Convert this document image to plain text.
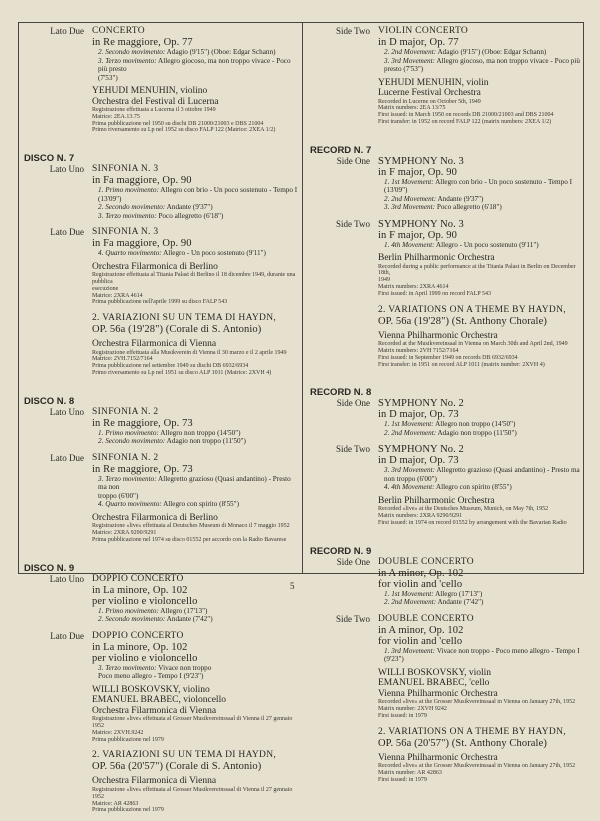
Lato Due CONCERTO
in Re maggiore, Op. 77
2. Secondo movimento: Adagio (9'15") (Oboe: Edgar Schann)
3. Terzo movimento: Allegro giocoso, ma non troppo vivace - Poco più presto
(7'53")
YEHUDI MENUHIN, violino
Orchestra del Festival di Lucerna
Registrazione effettuata a Lucerna il 3 ottobre 1949
Matrice: 2EA.13.75
Prima pubblicazione nel 1950 su dischi DB 21000/21003 e DBS 21004
Primo riversamento su Lp nel 1952 su disco FALP 122 (Matrice: 2XEA 1/2)
DISCO N. 7
Lato Uno SINFONIA N. 3
in Fa maggiore, Op. 90
1. Primo movimento: Allegro con brio - Un poco sostenuto - Tempo I (13'09")
2. Secondo movimento: Andante (9'37")
3. Terzo movimento: Poco allegretto (6'18")
Lato Due SINFONIA N. 3
in Fa maggiore, Op. 90
4. Quarto movimento: Allegro - Un poco sostenuto (9'11")
Orchestra Filarmonica di Berlino
Registrazione effettuata al Titania Palast di Berlino il 18 dicembre 1949, durante una pubblica
esecuzione
Matrice: 2XRA 4614
Prima pubblicazione nell'aprile 1999 su disco FALP 543
2. VARIAZIONI SU UN TEMA DI HAYDN,
OP. 56a (19'28") (Corale di S. Antonio)
Orchestra Filarmonica di Vienna
Registrazione effettuata alla Musikverein di Vienna il 30 marzo e il 2 aprile 1949
Matrice: 2VH.7152/7164
Prima pubblicazione nel settembre 1949 su dischi DB 6932/6934
Primo riversamento su Lp nel 1951 su disco ALP 1011 (Matrice: 2XVH 4)
DISCO N. 8
Lato Uno SINFONIA N. 2
in Re maggiore, Op. 73
1. Primo movimento: Allegro non troppo (14'50")
2. Secondo movimento: Adagio non troppo (11'50")
Lato Due SINFONIA N. 2
in Re maggiore, Op. 73
3. Terzo movimento: Allegretto grazioso (Quasi andantino) - Presto ma non
troppo (6'00")
4. Quarto movimento: Allegro con spirito (8'55")
Orchestra Filarmonica di Berlino
Registrazione «live» effettuata al Deutsches Museum di Monaco il 7 maggio 1952
Matrice: 2XRA 9290/9291
Prima pubblicazione nel 1974 su disco 01552 per accordo con la Radio Bavarese
DISCO N. 9
Lato Uno DOPPIO CONCERTO
in La minore, Op. 102
per violino e violoncello
1. Primo movimento: Allegro (17'13")
2. Secondo movimento: Andante (7'42")
Lato Due DOPPIO CONCERTO
in La minore, Op. 102
per violino e violoncello
3. Terzo movimento: Vivace non troppo
Poco meno allegro - Tempo I (9'23")
WILLI BOSKOVSKY, violino
EMANUEL BRABEC, violoncello
Orchestra Filarmonica di Vienna
Registrazione «live» effettuata al Grosser Musikvereinssaal di Vienna il 27 gennaio 1952
Matrice: 2XVH.9242
Prima pubblicazione nel 1979
2. VARIAZIONI SU UN TEMA DI HAYDN,
OP. 56a (20'57") (Corale di S. Antonio)
Orchestra Filarmonica di Vienna
Registrazione «live» effettuata al Grosser Musikvereinssaal di Vienna il 27 gennaio 1952
Matrice: AR 42863
Prima pubblicazione nel 1979
Side Two VIOLIN CONCERTO
in D major, Op. 77
2. 2nd Movement: Adagio (9'15") (Oboe: Edgar Schann)
3. 3rd Movement: Allegro giocoso, ma non troppo vivace - Poco più
presto (7'53")
YEHUDI MENUHIN, violin
Lucerne Festival Orchestra
Recorded in Lucerne on October 5th, 1949
Matrix numbers: 2EA 13/75
First issued: in March 1950 on records DB 21000/21003 and DBS 21004
First transfer: in 1952 on record FALP 122 (matrix numbers: 2XEA 1/2)
RECORD N. 7
Side One SYMPHONY No. 3
in F major, Op. 90
1. 1st Movement: Allegro con brio - Un poco sostenuto - Tempo I
(13'09")
2. 2nd Movement: Andante (9'37")
3. 3rd Movement: Poco allegretto (6'18")
Side Two SYMPHONY No. 3
in F major, Op. 90
1. 4th Movement: Allegro - Un poco sostenuto (9'11")
Berlin Philharmonic Orchestra
Recorded during a public performance at the Titania Palast in Berlin on December 18th,
1949
Matrix numbers: 2XRA 4614
First issued: in April 1999 on record FALP 543
2. VARIATIONS ON A THEME BY HAYDN,
OP. 56a (19'28") (St. Anthony Chorale)
Vienna Philharmonic Orchestra
Recorded at the Musikvereinsaal in Vienna on March 30th and April 2nd, 1949
Matrix numbers: 2VH 7152/7164
First issued: in September 1949 on records DB 6932/6934
First transfer: in 1951 on record ALP 1011 (matrix number: 2XVH 4)
RECORD N. 8
Side One SYMPHONY No. 2
in D major, Op. 73
1. 1st Movement: Allegro non troppo (14'50")
2. 2nd Movement: Adagio non troppo (11'50")
Side Two SYMPHONY No. 2
in D major, Op. 73
3. 3rd Movement: Allegretto grazioso (Quasi andantino) - Presto ma
non troppo (6'00")
4. 4th Movement: Allegro con spirito (8'55")
Berlin Philharmonic Orchestra
Recorded «live» at the Deutsches Museum, Munich, on May 7th, 1952
Matrix numbers: 2XRA 9290/9291
First issued: in 1974 on record 01552 by arrangement with the Bavarian Radio
RECORD N. 9
Side One DOUBLE CONCERTO
in A minor, Op. 102
for violin and 'cello
1. 1st Movement: Allegro (17'13")
2. 2nd Movement: Andante (7'42")
Side Two DOUBLE CONCERTO
in A minor, Op. 102
for violin and 'cello
1. 3rd Movement: Vivace non troppo - Poco meno allegro - Tempo I
(9'23")
WILLI BOSKOVSKY, violin
EMANUEL BRABEC, 'cello
Vienna Philharmonic Orchestra
Recorded «live» at the Grosser Musikvereinssaal in Vienna on January 27th, 1952
Matrix number: 2XVH 9242
First issued: in 1979
2. VARIATIONS ON A THEME BY HAYDN,
OP. 56a (20'57") (St. Anthony Chorale)
Vienna Philharmonic Orchestra
Recorded «live» at the Grosser Musikvereinssaal in Vienna on January 27th, 1952
Matrix number: AR 42863
First issued: in 1979
5
